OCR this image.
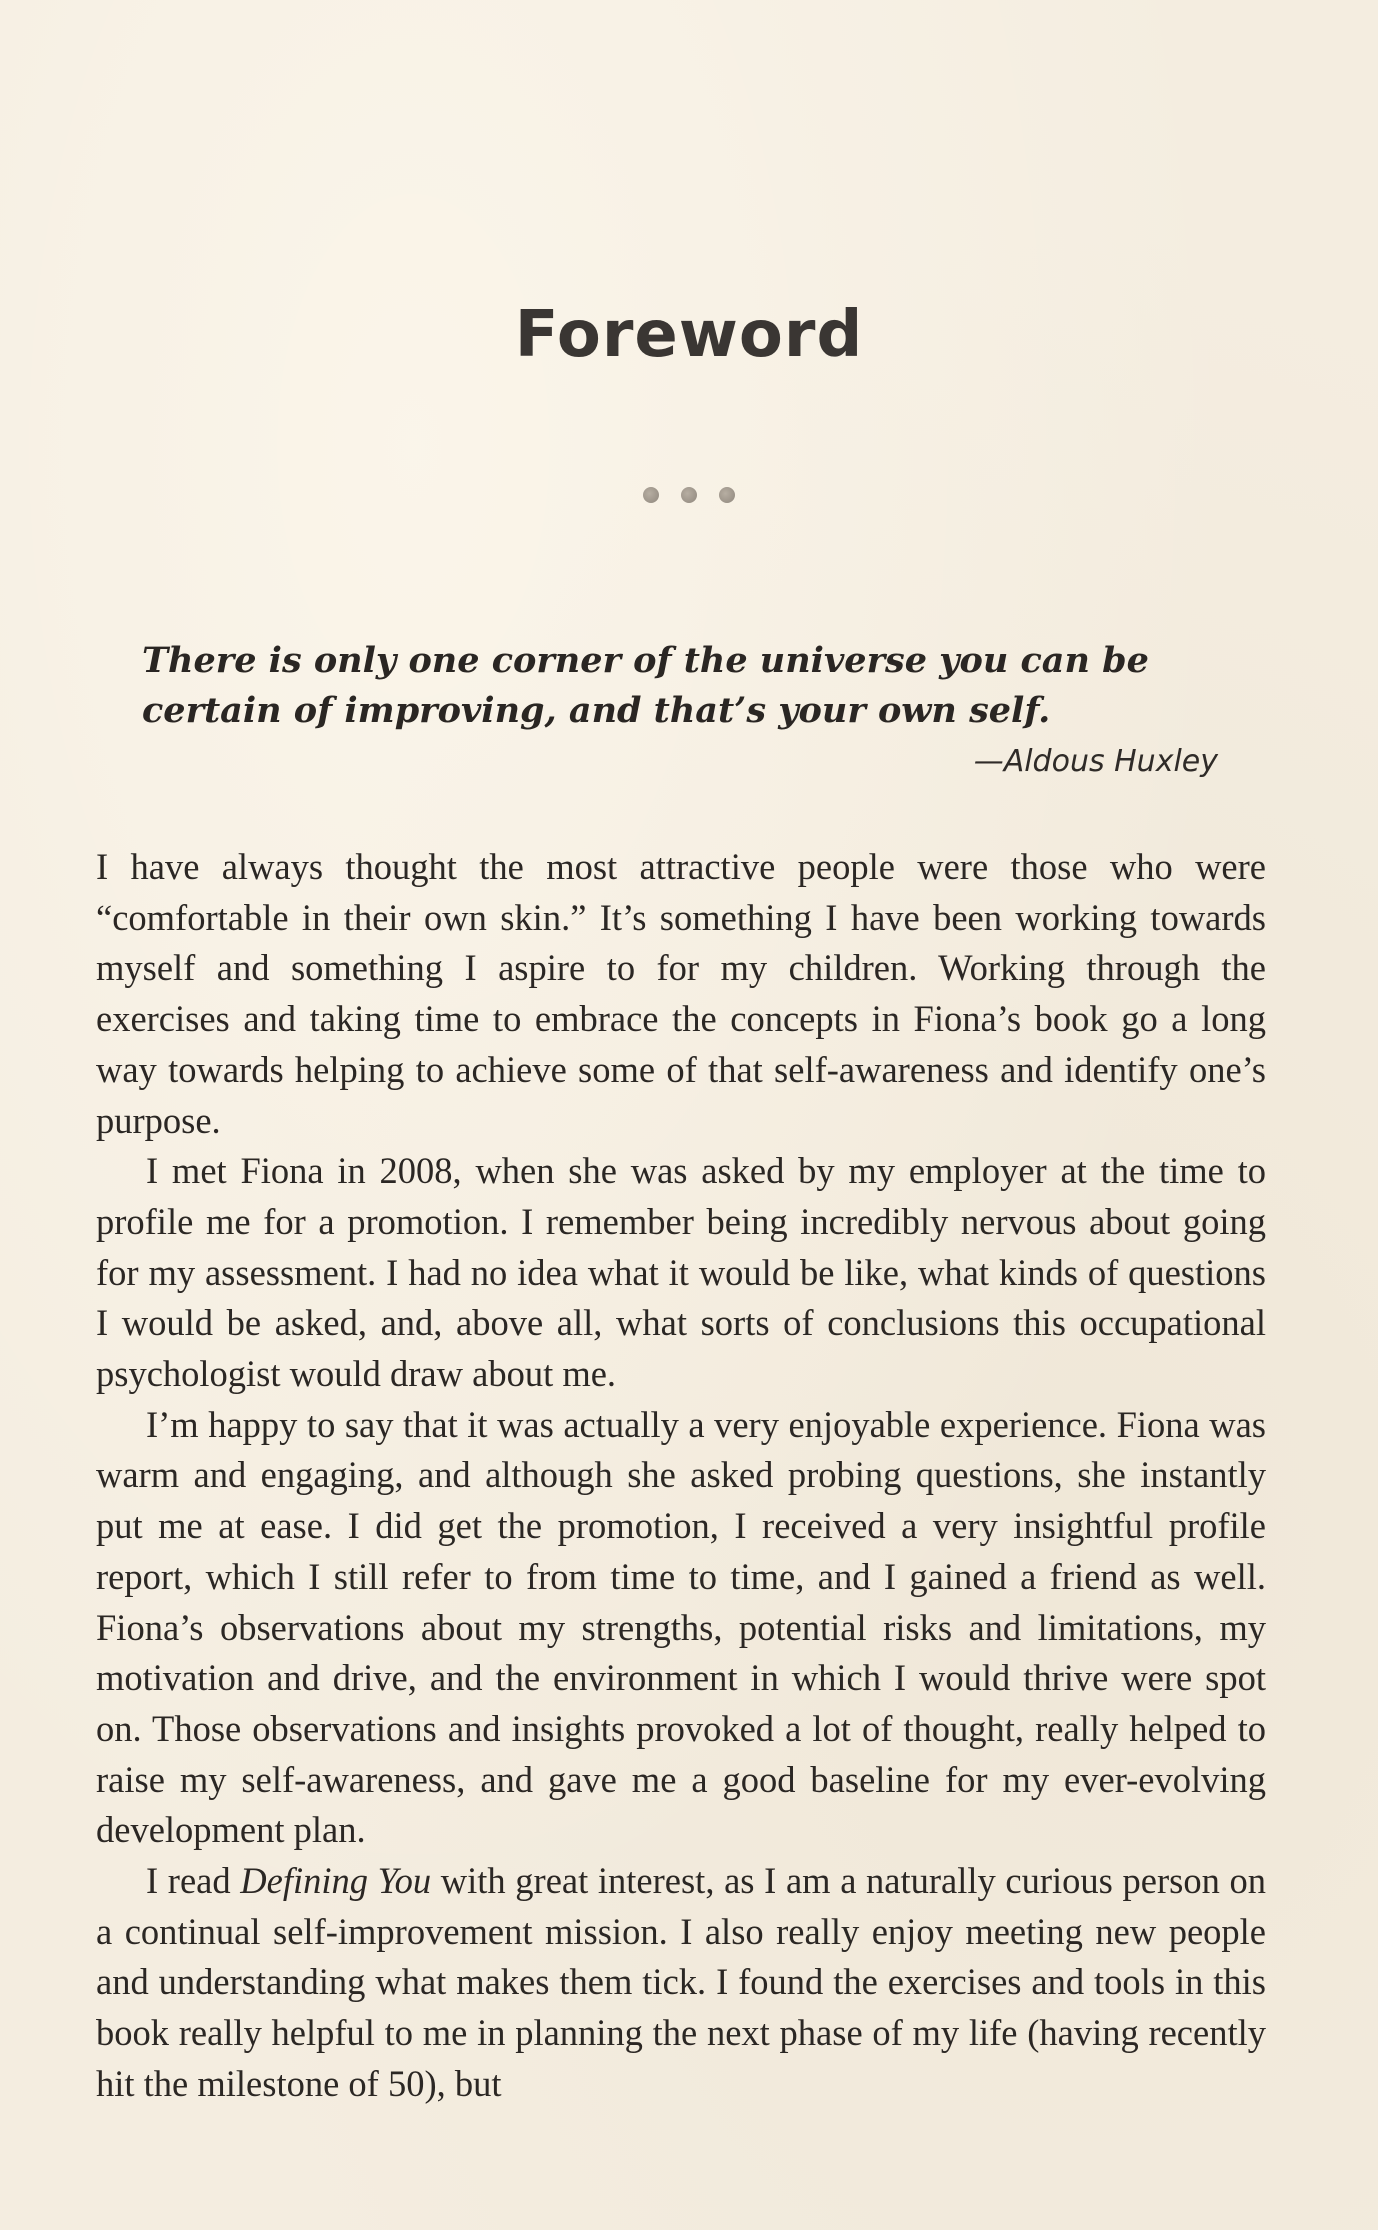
Foreword

There is only one corner of the universe you can be certain of improving, and that’s your own self.

—Aldous Huxley

I have always thought the most attractive people were those who were “comfortable in their own skin.” It’s something I have been working towards myself and something I aspire to for my children. Working through the exercises and taking time to embrace the concepts in Fiona’s book go a long way towards helping to achieve some of that self-awareness and identify one’s purpose.

I met Fiona in 2008, when she was asked by my employer at the time to profile me for a promotion. I remember being incredibly nervous about going for my assessment. I had no idea what it would be like, what kinds of questions I would be asked, and, above all, what sorts of conclusions this occupational psychologist would draw about me.

I’m happy to say that it was actually a very enjoyable experience. Fiona was warm and engaging, and although she asked probing questions, she instantly put me at ease. I did get the promotion, I received a very insightful profile report, which I still refer to from time to time, and I gained a friend as well. Fiona’s observations about my strengths, potential risks and limitations, my motivation and drive, and the environment in which I would thrive were spot on. Those observations and insights provoked a lot of thought, really helped to raise my self-awareness, and gave me a good baseline for my ever-evolving development plan.

I read Defining You with great interest, as I am a naturally curious person on a continual self-improvement mission. I also really enjoy meeting new people and understanding what makes them tick. I found the exercises and tools in this book really helpful to me in planning the next phase of my life (having recently hit the milestone of 50), but
